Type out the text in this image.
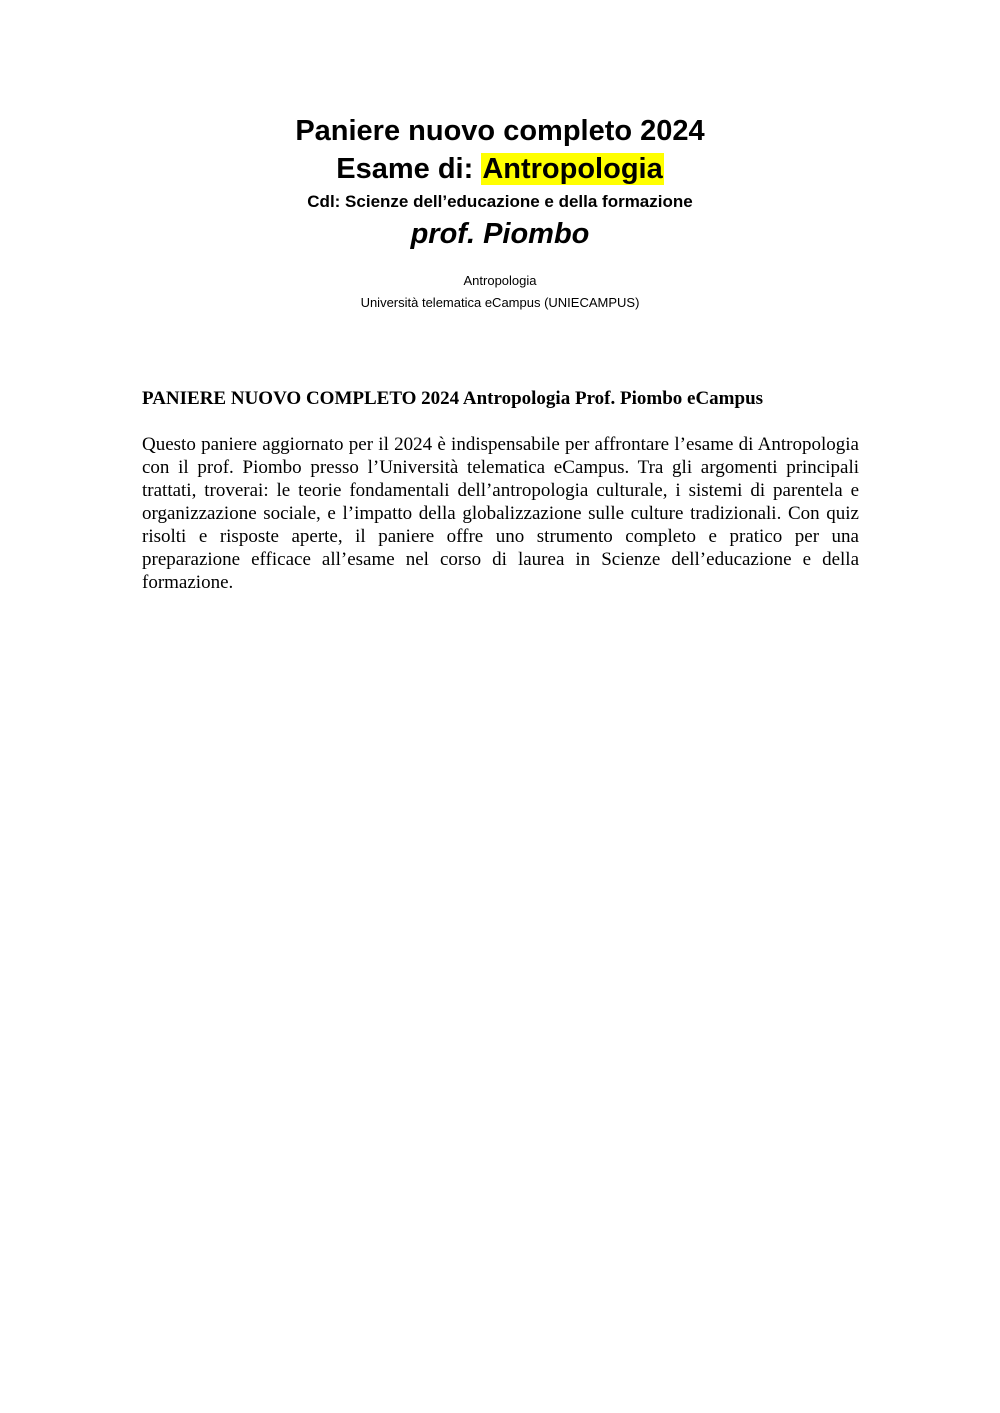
Paniere nuovo completo 2024

Esame di: Antropologia

Cdl: Scienze dell’educazione e della formazione

prof. Piombo

Antropologia
Università telematica eCampus (UNIECAMPUS)

PANIERE NUOVO COMPLETO 2024 Antropologia Prof. Piombo eCampus

Questo paniere aggiornato per il 2024 è indispensabile per affrontare l’esame di Antropologia con il prof. Piombo presso l’Università telematica eCampus. Tra gli argomenti principali trattati, troverai: le teorie fondamentali dell’antropologia culturale, i sistemi di parentela e organizzazione sociale, e l’impatto della globalizzazione sulle culture tradizionali. Con quiz risolti e risposte aperte, il paniere offre uno strumento completo e pratico per una preparazione efficace all’esame nel corso di laurea in Scienze dell’educazione e della formazione.
